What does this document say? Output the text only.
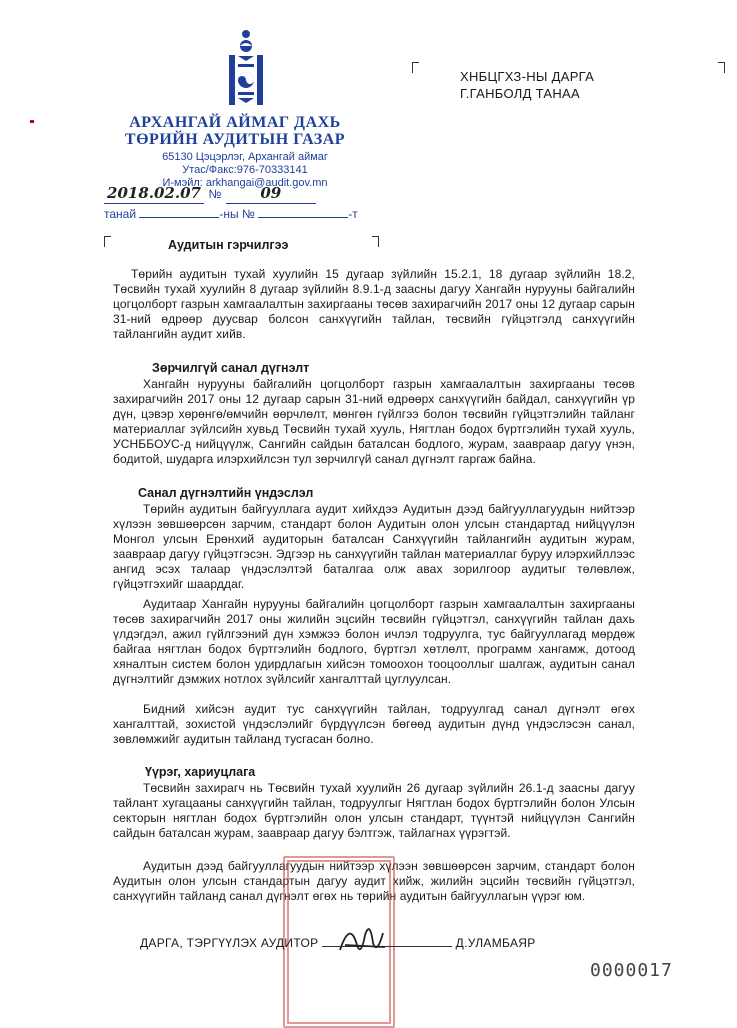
АРХАНГАЙ АЙМАГ ДАХЬ
ТӨРИЙН АУДИТЫН ГАЗАР
65130 Цэцэрлэг, Архангай аймаг
Утас/Факс:976-70333141
И-мэйл: arkhangai@audit.gov.mn
2018.02.07 №	09
танай	-ны №	-т
ХНБЦГХЗ-НЫ ДАРГА
Г.ГАНБОЛД ТАНАА
Аудитын гэрчилгээ
Төрийн аудитын тухай хуулийн 15 дугаар зүйлийн 15.2.1, 18 дугаар зүйлийн 18.2, Төсвийн тухай хуулийн 8 дугаар зүйлийн 8.9.1-д заасны дагуу Хангайн нурууны байгалийн цогцолборт газрын хамгаалалтын захиргааны төсөв захирагчийн 2017 оны 12 дугаар сарын 31-ний өдрөөр дуусвар болсон санхүүгийн тайлан, төсвийн гүйцэтгэлд санхүүгийн тайлангийн аудит хийв.
Зөрчилгүй санал дүгнэлт
Хангайн нурууны байгалийн цогцолборт газрын хамгаалалтын захиргааны төсөв захирагчийн 2017 оны 12 дугаар сарын 31-ний өдрөөрх санхүүгийн байдал, санхүүгийн үр дүн, цэвэр хөрөнгө/өмчийн өөрчлөлт, мөнгөн гүйлгээ болон төсвийн гүйцэтгэлийн тайланг материаллаг зүйлсийн хувьд Төсвийн тухай хууль, Нягтлан бодох бүртгэлийн тухай хууль, УСНББОУС-д нийцүүлж, Сангийн сайдын баталсан бодлого, журам, заавраар дагуу үнэн, бодитой, шударга илэрхийлсэн тул зөрчилгүй санал дүгнэлт гаргаж байна.
Санал дүгнэлтийн үндэслэл
Төрийн аудитын байгууллага аудит хийхдээ Аудитын дээд байгууллагуудын нийтээр хүлээн зөвшөөрсөн зарчим, стандарт болон Аудитын олон улсын стандартад нийцүүлэн Монгол улсын Ерөнхий аудиторын баталсан Санхүүгийн тайлангийн аудитын журам, заавраар дагуу гүйцэтгэсэн. Эдгээр нь санхүүгийн тайлан материаллаг буруу илэрхийллээс ангид эсэх талаар үндэслэлтэй баталгаа олж авах зорилгоор аудитыг төлөвлөж, гүйцэтгэхийг шаарддаг.
Аудитаар Хангайн нурууны байгалийн цогцолборт газрын хамгаалалтын захиргааны төсөв захирагчийн 2017 оны жилийн эцсийн төсвийн гүйцэтгэл, санхүүгийн тайлан дахь үлдэгдэл, ажил гүйлгээний дүн хэмжээ болон ичлэл тодруулга, тус байгууллагад мөрдөж байгаа нягтлан бодох бүртгэлийн бодлого, бүртгэл хөтлөлт, программ хангамж, дотоод хяналтын систем болон удирдлагын хийсэн томоохон тооцооллыг шалгаж, аудитын санал дүгнэлтийг дэмжих нотлох зүйлсийг хангалттай цуглуулсан.
Бидний хийсэн аудит тус санхүүгийн тайлан, тодруулгад санал дүгнэлт өгөх хангалттай, зохистой үндэслэлийг бүрдүүлсэн бөгөөд аудитын дүнд үндэслэсэн санал, зөвлөмжийг аудитын тайланд тусгасан болно.
Үүрэг, хариуцлага
Төсвийн захирагч нь Төсвийн тухай хуулийн 26 дугаар зүйлийн 26.1-д заасны дагуу тайлант хугацааны санхүүгийн тайлан, тодруулгыг Нягтлан бодох бүртгэлийн болон Улсын секторын нягтлан бодох бүртгэлийн олон улсын стандарт, түүнтэй нийцүүлэн Сангийн сайдын баталсан журам, заавраар дагуу бэлтгэж, тайлагнах үүрэгтэй.
Аудитын дээд байгууллагуудын нийтээр хүлээн зөвшөөрсөн зарчим, стандарт болон Аудитын олон улсын стандартын дагуу аудит хийж, жилийн эцсийн төсвийн гүйцэтгэл, санхүүгийн тайланд санал дүгнэлт өгөх нь төрийн аудитын байгууллагын үүрэг юм.
ДАРГА, ТЭРГҮҮЛЭХ АУДИТОР	Д.УЛАМБАЯР
0000017
